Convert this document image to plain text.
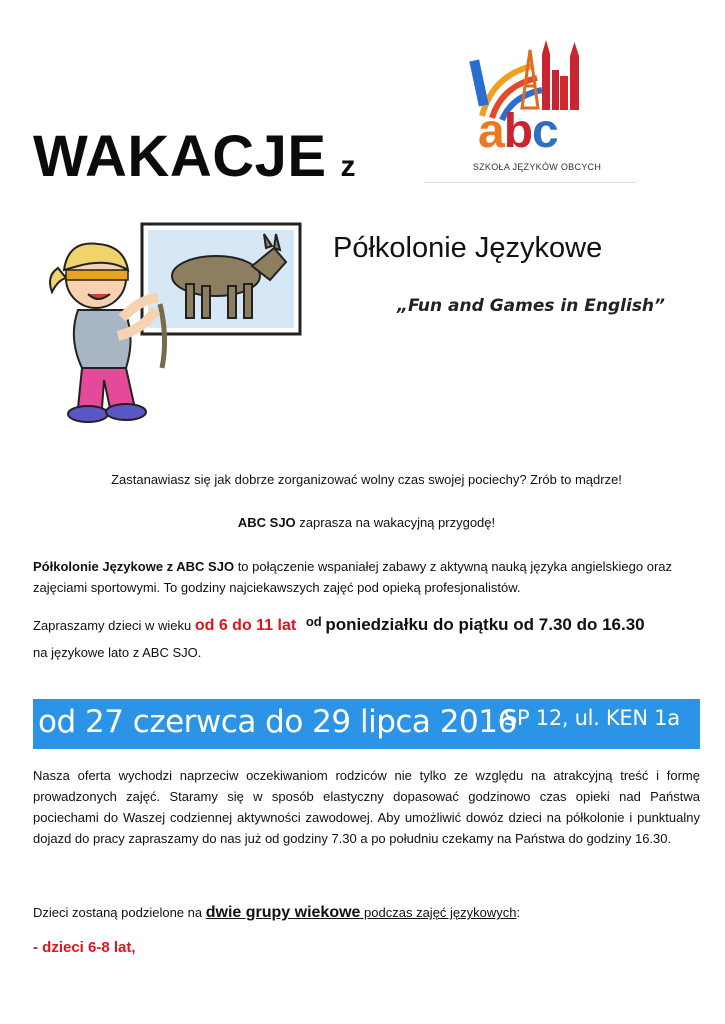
WAKACJE z
abc
SZKOŁA JĘZYKÓW OBCYCH
Półkolonie Językowe
„Fun and Games in English”
Zastanawiasz się jak dobrze zorganizować wolny czas swojej pociechy? Zrób to mądrze!
ABC SJO zaprasza na wakacyjną przygodę!
Półkolonie Językowe z ABC SJO to połączenie wspaniałej zabawy z aktywną nauką języka angielskiego oraz zajęciami sportowymi. To godziny najciekawszych zajęć pod opieką profesjonalistów.
Zapraszamy dzieci w wieku od 6 do 11 lat od poniedziałku do piątku od 7.30 do 16.30
na językowe lato z ABC SJO.
od 27 czerwca do 29 lipca 2016
SP 12, ul. KEN 1a
Nasza oferta wychodzi naprzeciw oczekiwaniom rodziców nie tylko ze względu na atrakcyjną treść i formę prowadzonych zajęć. Staramy się w sposób elastyczny dopasować godzinowo czas opieki nad Państwa pociechami do Waszej codziennej aktywności zawodowej. Aby umożliwić dowóz dzieci na półkolonie i punktualny dojazd do pracy zapraszamy do nas już od godziny 7.30 a po południu czekamy na Państwa do godziny 16.30.
Dzieci zostaną podzielone na dwie grupy wiekowe podczas zajęć językowych:
- dzieci 6-8 lat,
